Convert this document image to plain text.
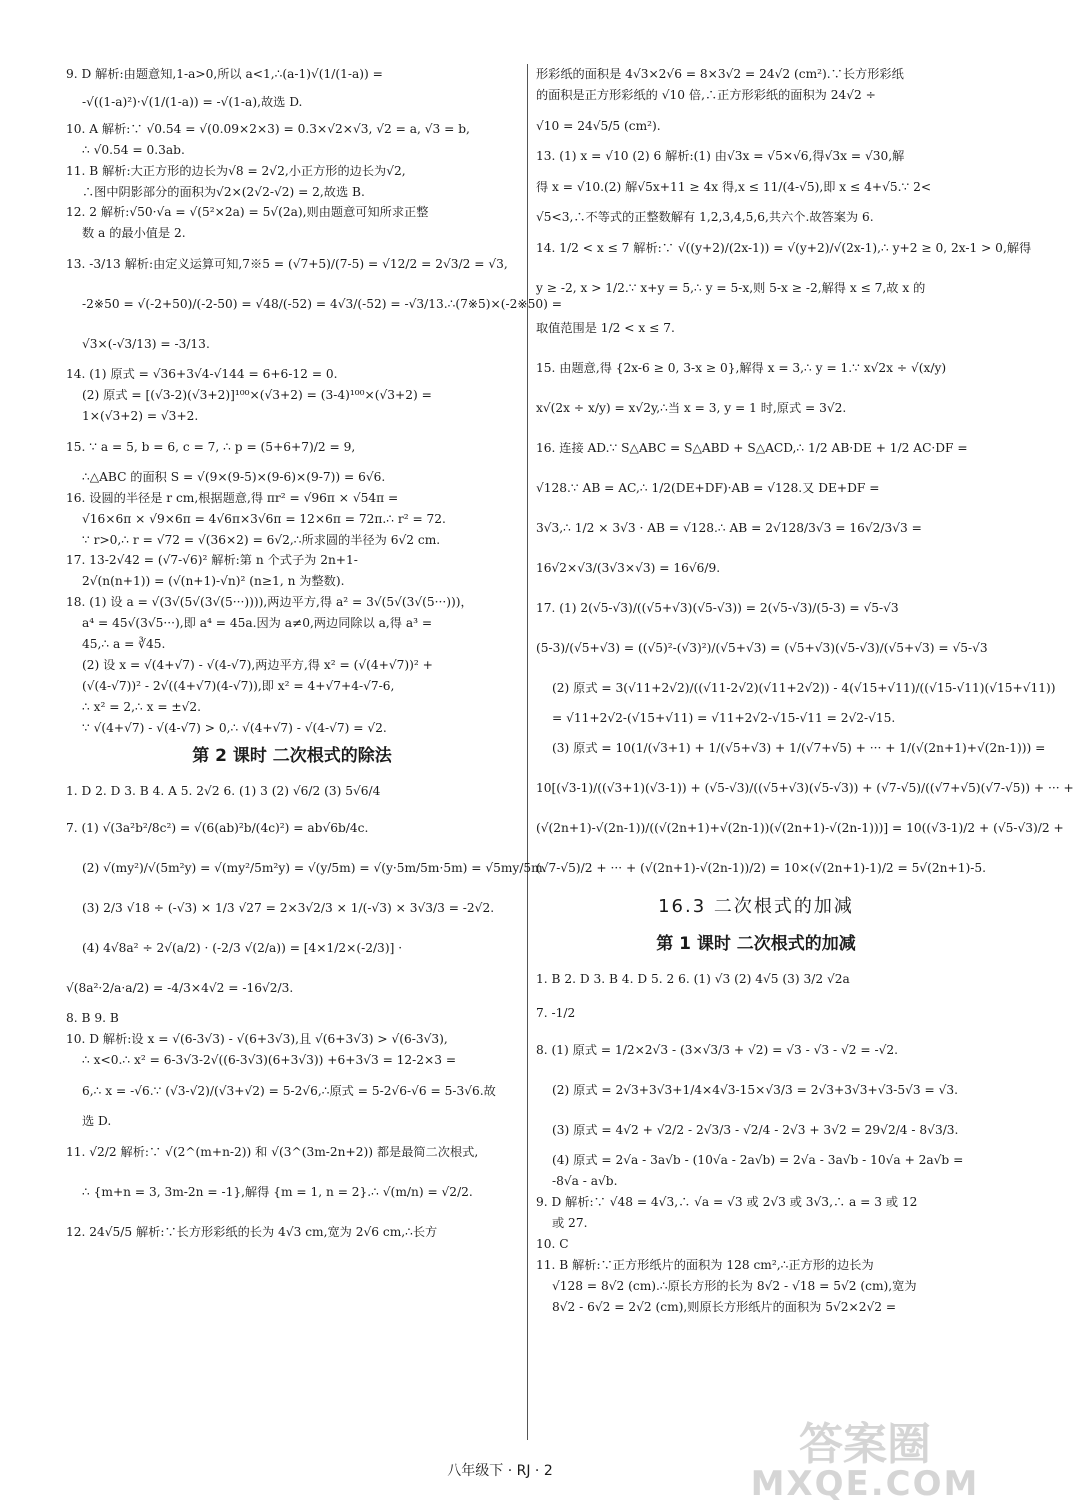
9. D 解析:由题意知,1-a>0,所以 a<1,∴(a-1)√(1/(1-a)) =
-√((1-a)²)·√(1/(1-a)) = -√(1-a),故选 D.
10. A 解析:∵ √0.54 = √(0.09×2×3) = 0.3×√2×√3, √2 = a, √3 = b,
∴ √0.54 = 0.3ab.
11. B 解析:大正方形的边长为√8 = 2√2,小正方形的边长为√2,
∴图中阴影部分的面积为√2×(2√2-√2) = 2,故选 B.
12. 2 解析:√50·√a = √(5²×2a) = 5√(2a),则由题意可知所求正整
数 a 的最小值是 2.
13. -3/13 解析:由定义运算可知,7※5 = (√7+5)/(7-5) = √12/2 = 2√3/2 = √3,
-2※50 = √(-2+50)/(-2-50) = √48/(-52) = 4√3/(-52) = -√3/13.∴(7※5)×(-2※50) =
√3×(-√3/13) = -3/13.
14. (1) 原式 = √36+3√4-√144 = 6+6-12 = 0.
(2) 原式 = [(√3-2)(√3+2)]¹⁰⁰×(√3+2) = (3-4)¹⁰⁰×(√3+2) =
1×(√3+2) = √3+2.
15. ∵ a = 5, b = 6, c = 7, ∴ p = (5+6+7)/2 = 9,
∴△ABC 的面积 S = √(9×(9-5)×(9-6)×(9-7)) = 6√6.
16. 设圆的半径是 r cm,根据题意,得 πr² = √96π × √54π =
√16×6π × √9×6π = 4√6π×3√6π = 12×6π = 72π.∴ r² = 72.
∵ r>0,∴ r = √72 = √(36×2) = 6√2,∴所求圆的半径为 6√2 cm.
17. 13-2√42 = (√7-√6)² 解析:第 n 个式子为 2n+1-
2√(n(n+1)) = (√(n+1)-√n)² (n≥1, n 为整数).
18. (1) 设 a = √(3√(5√(3√(5···)))),两边平方,得 a² = 3√(5√(3√(5···)))，
a⁴ = 45√(3√5···),即 a⁴ = 45a.因为 a≠0,两边同除以 a,得 a³ =
45,∴ a = ∛45.
(2) 设 x = √(4+√7) - √(4-√7),两边平方,得 x² = (√(4+√7))² +
(√(4-√7))² - 2√((4+√7)(4-√7)),即 x² = 4+√7+4-√7-6,
∴ x² = 2,∴ x = ±√2.
∵ √(4+√7) - √(4-√7) > 0,∴ √(4+√7) - √(4-√7) = √2.
第 2 课时 二次根式的除法
1. D 2. D 3. B 4. A 5. 2√2 6. (1) 3 (2) √6/2 (3) 5√6/4
7. (1) √(3a²b²/8c²) = √(6(ab)²b/(4c)²) = ab√6b/4c.
(2) √(my²)/√(5m²y) = √(my²/5m²y) = √(y/5m) = √(y·5m/5m·5m) = √5my/5m.
(3) 2/3 √18 ÷ (-√3) × 1/3 √27 = 2×3√2/3 × 1/(-√3) × 3√3/3 = -2√2.
(4) 4√8a² ÷ 2√(a/2) · (-2/3 √(2/a)) = [4×1/2×(-2/3)] ·
√(8a²·2/a·a/2) = -4/3×4√2 = -16√2/3.
8. B 9. B
10. D 解析:设 x = √(6-3√3) - √(6+3√3),且 √(6+3√3) > √(6-3√3),
∴ x<0.∴ x² = 6-3√3-2√((6-3√3)(6+3√3)) +6+3√3 = 12-2×3 =
6,∴ x = -√6.∵ (√3-√2)/(√3+√2) = 5-2√6,∴原式 = 5-2√6-√6 = 5-3√6.故
选 D.
11. √2/2 解析:∵ √(2^(m+n-2)) 和 √(3^(3m-2n+2)) 都是最简二次根式,
∴ {m+n = 3, 3m-2n = -1},解得 {m = 1, n = 2}.∴ √(m/n) = √2/2.
12. 24√5/5 解析:∵长方形彩纸的长为 4√3 cm,宽为 2√6 cm,∴长方
形彩纸的面积是 4√3×2√6 = 8×3√2 = 24√2 (cm²).∵长方形彩纸
的面积是正方形彩纸的 √10 倍,∴正方形彩纸的面积为 24√2 ÷
√10 = 24√5/5 (cm²).
13. (1) x = √10 (2) 6 解析:(1) 由√3x = √5×√6,得√3x = √30,解
得 x = √10.(2) 解√5x+11 ≥ 4x 得,x ≤ 11/(4-√5),即 x ≤ 4+√5.∵ 2<
√5<3,∴不等式的正整数解有 1,2,3,4,5,6,共六个.故答案为 6.
14. 1/2 < x ≤ 7 解析:∵ √((y+2)/(2x-1)) = √(y+2)/√(2x-1),∴ y+2 ≥ 0, 2x-1 > 0,解得
y ≥ -2, x > 1/2.∵ x+y = 5,∴ y = 5-x,则 5-x ≥ -2,解得 x ≤ 7,故 x 的
取值范围是 1/2 < x ≤ 7.
15. 由题意,得 {2x-6 ≥ 0, 3-x ≥ 0},解得 x = 3,∴ y = 1.∵ x√2x ÷ √(x/y)
x√(2x ÷ x/y) = x√2y,∴当 x = 3, y = 1 时,原式 = 3√2.
16. 连接 AD.∵ S△ABC = S△ABD + S△ACD,∴ 1/2 AB·DE + 1/2 AC·DF =
√128.∵ AB = AC,∴ 1/2(DE+DF)·AB = √128.又 DE+DF =
3√3,∴ 1/2 × 3√3 · AB = √128.∴ AB = 2√128/3√3 = 16√2/3√3 =
16√2×√3/(3√3×√3) = 16√6/9.
17. (1) 2(√5-√3)/((√5+√3)(√5-√3)) = 2(√5-√3)/(5-3) = √5-√3
(5-3)/(√5+√3) = ((√5)²-(√3)²)/(√5+√3) = (√5+√3)(√5-√3)/(√5+√3) = √5-√3
(2) 原式 = 3(√11+2√2)/((√11-2√2)(√11+2√2)) - 4(√15+√11)/((√15-√11)(√15+√11))
= √11+2√2-(√15+√11) = √11+2√2-√15-√11 = 2√2-√15.
(3) 原式 = 10(1/(√3+1) + 1/(√5+√3) + 1/(√7+√5) + ··· + 1/(√(2n+1)+√(2n-1))) =
10[(√3-1)/((√3+1)(√3-1)) + (√5-√3)/((√5+√3)(√5-√3)) + (√7-√5)/((√7+√5)(√7-√5)) + ··· +
(√(2n+1)-√(2n-1))/((√(2n+1)+√(2n-1))(√(2n+1)-√(2n-1)))] = 10((√3-1)/2 + (√5-√3)/2 +
(√7-√5)/2 + ··· + (√(2n+1)-√(2n-1))/2) = 10×(√(2n+1)-1)/2 = 5√(2n+1)-5.
16.3 二次根式的加减
第 1 课时 二次根式的加减
1. B 2. D 3. B 4. D 5. 2 6. (1) √3 (2) 4√5 (3) 3/2 √2a
7. -1/2
8. (1) 原式 = 1/2×2√3 - (3×√3/3 + √2) = √3 - √3 - √2 = -√2.
(2) 原式 = 2√3+3√3+1/4×4√3-15×√3/3 = 2√3+3√3+√3-5√3 = √3.
(3) 原式 = 4√2 + √2/2 - 2√3/3 - √2/4 - 2√3 + 3√2 = 29√2/4 - 8√3/3.
(4) 原式 = 2√a - 3a√b - (10√a - 2a√b) = 2√a - 3a√b - 10√a + 2a√b =
-8√a - a√b.
9. D 解析:∵ √48 = 4√3,∴ √a = √3 或 2√3 或 3√3,∴ a = 3 或 12
或 27.
10. C
11. B 解析:∵正方形纸片的面积为 128 cm²,∴正方形的边长为
√128 = 8√2 (cm).∴原长方形的长为 8√2 - √18 = 5√2 (cm),宽为
8√2 - 6√2 = 2√2 (cm),则原长方形纸片的面积为 5√2×2√2 =
八年级下 · RJ · 2
答案圈
MXQE.COM
